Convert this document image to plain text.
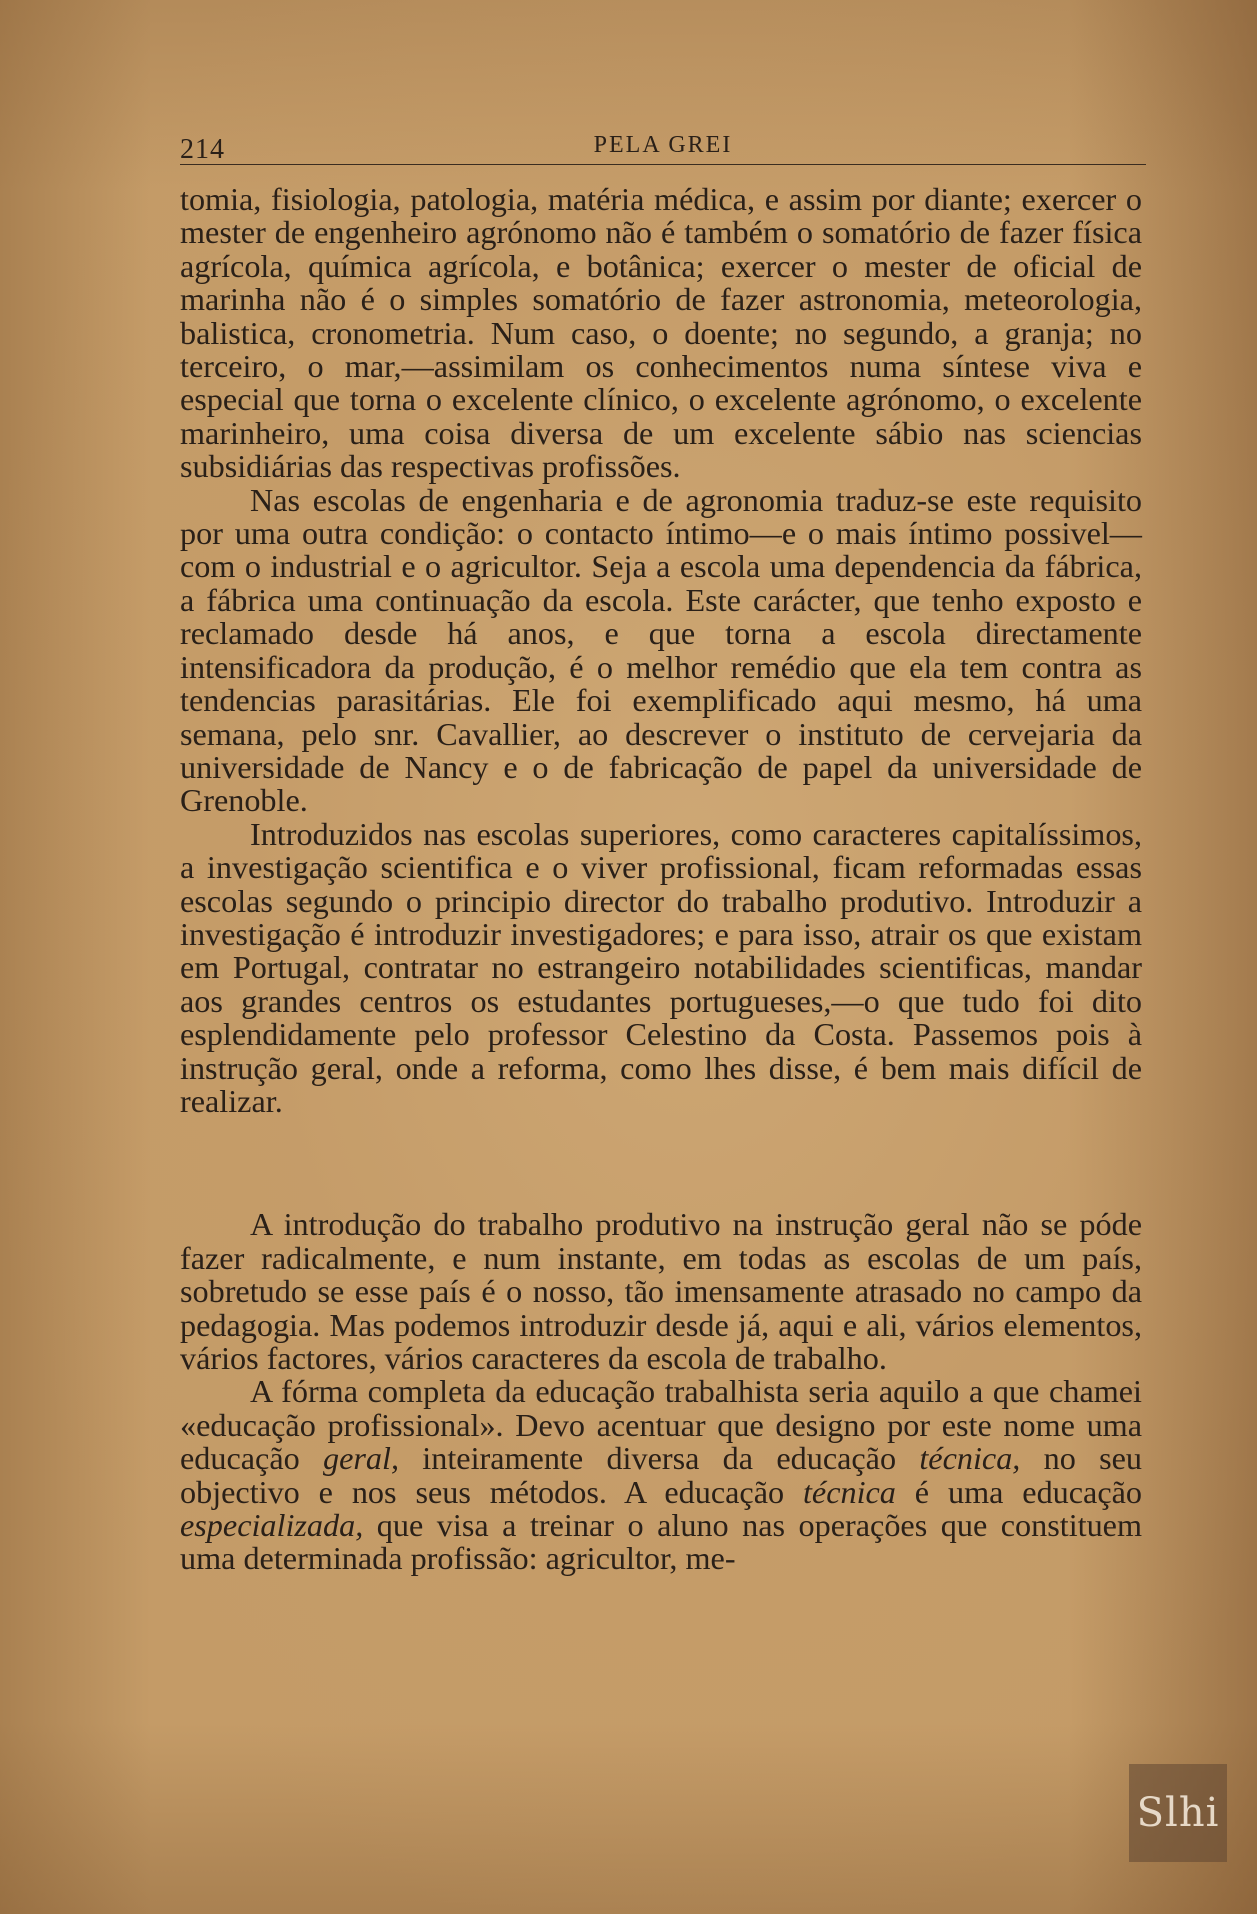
214	PELA GREI

tomia, fisiologia, patologia, matéria médica, e assim por diante; exercer o mester de engenheiro agrónomo não é também o somatório de fazer física agrícola, química agrícola, e botânica; exercer o mester de oficial de marinha não é o simples somatório de fazer astronomia, meteorologia, balistica, cronometria. Num caso, o doente; no segundo, a granja; no terceiro, o mar,—assimilam os conhecimentos numa síntese viva e especial que torna o excelente clínico, o excelente agrónomo, o excelente marinheiro, uma coisa diversa de um excelente sábio nas sciencias subsidiárias das respectivas profissões.

Nas escolas de engenharia e de agronomia traduz-se este requisito por uma outra condição: o contacto íntimo—e o mais íntimo possivel—com o industrial e o agricultor. Seja a escola uma dependencia da fábrica, a fábrica uma continuação da escola. Este carácter, que tenho exposto e reclamado desde há anos, e que torna a escola directamente intensificadora da produção, é o melhor remédio que ela tem contra as tendencias parasitárias. Ele foi exemplificado aqui mesmo, há uma semana, pelo snr. Cavallier, ao descrever o instituto de cervejaria da universidade de Nancy e o de fabricação de papel da universidade de Grenoble.

Introduzidos nas escolas superiores, como caracteres capitalíssimos, a investigação scientifica e o viver profissional, ficam reformadas essas escolas segundo o principio director do trabalho produtivo. Introduzir a investigação é introduzir investigadores; e para isso, atrair os que existam em Portugal, contratar no estrangeiro notabilidades scientificas, mandar aos grandes centros os estudantes portugueses,—o que tudo foi dito esplendidamente pelo professor Celestino da Costa. Passemos pois à instrução geral, onde a reforma, como lhes disse, é bem mais difícil de realizar.

A introdução do trabalho produtivo na instrução geral não se póde fazer radicalmente, e num instante, em todas as escolas de um país, sobretudo se esse país é o nosso, tão imensamente atrasado no campo da pedagogia. Mas podemos introduzir desde já, aqui e ali, vários elementos, vários factores, vários caracteres da escola de trabalho.

A fórma completa da educação trabalhista seria aquilo a que chamei «educação profissional». Devo acentuar que designo por este nome uma educação geral, inteiramente diversa da educação técnica, no seu objectivo e nos seus métodos. A educação técnica é uma educação especializada, que visa a treinar o aluno nas operações que constituem uma determinada profissão: agricultor, me-

Slhi
